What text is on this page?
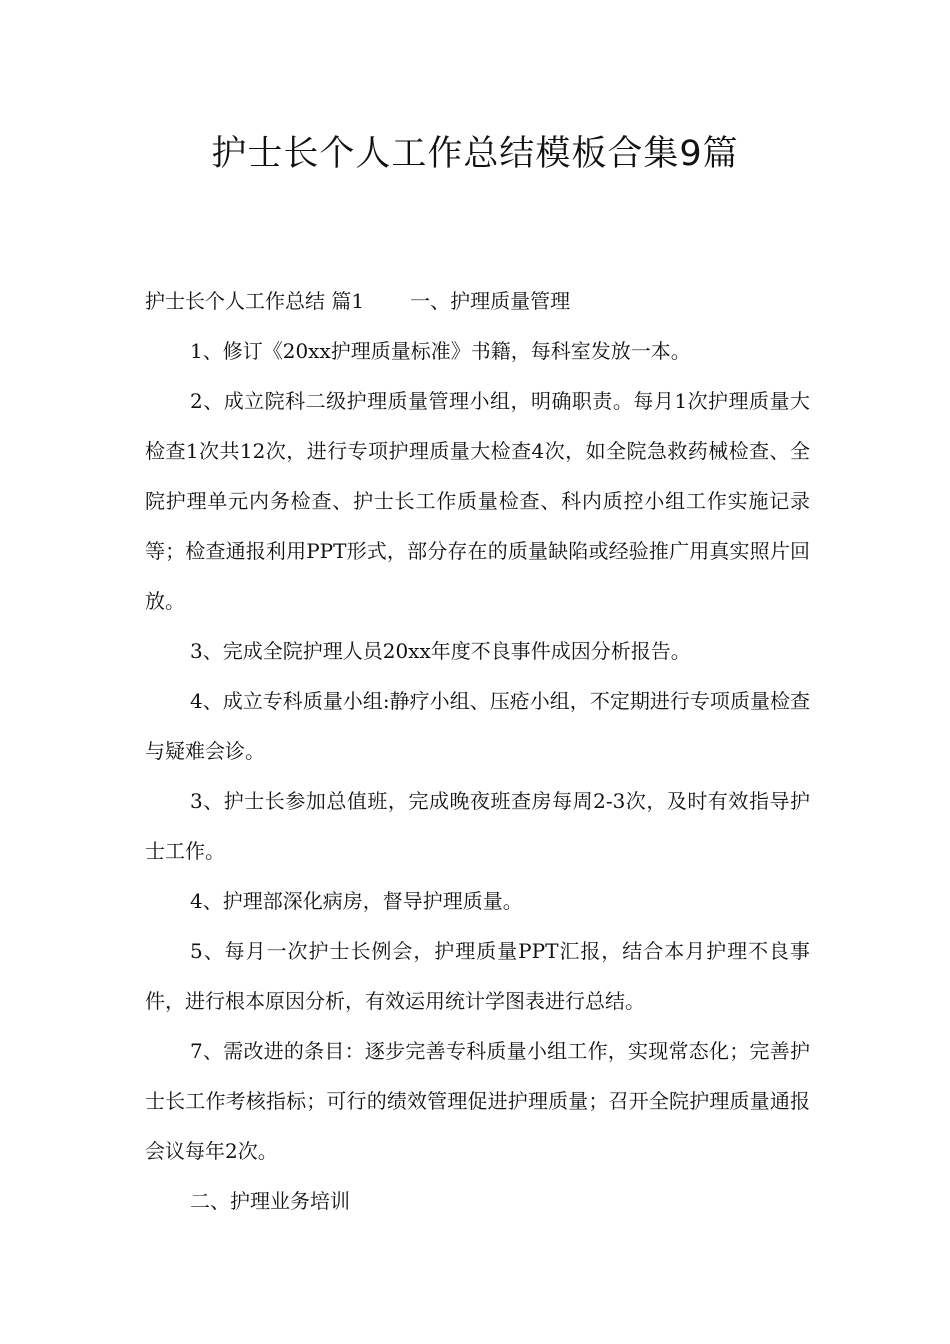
护士长个人工作总结模板合集9篇

护士长个人工作总结 篇1 一、护理质量管理

1、修订《20xx护理质量标准》书籍，每科室发放一本。

2、成立院科二级护理质量管理小组，明确职责。每月1次护理质量大检查1次共12次，进行专项护理质量大检查4次，如全院急救药械检查、全院护理单元内务检查、护士长工作质量检查、科内质控小组工作实施记录等；检查通报利用PPT形式，部分存在的质量缺陷或经验推广用真实照片回放。

3、完成全院护理人员20xx年度不良事件成因分析报告。

4、成立专科质量小组:静疗小组、压疮小组，不定期进行专项质量检查与疑难会诊。

3、护士长参加总值班，完成晚夜班查房每周2-3次，及时有效指导护士工作。

4、护理部深化病房，督导护理质量。

5、每月一次护士长例会，护理质量PPT汇报，结合本月护理不良事件，进行根本原因分析，有效运用统计学图表进行总结。

7、需改进的条目：逐步完善专科质量小组工作，实现常态化；完善护士长工作考核指标；可行的绩效管理促进护理质量；召开全院护理质量通报会议每年2次。

二、护理业务培训
